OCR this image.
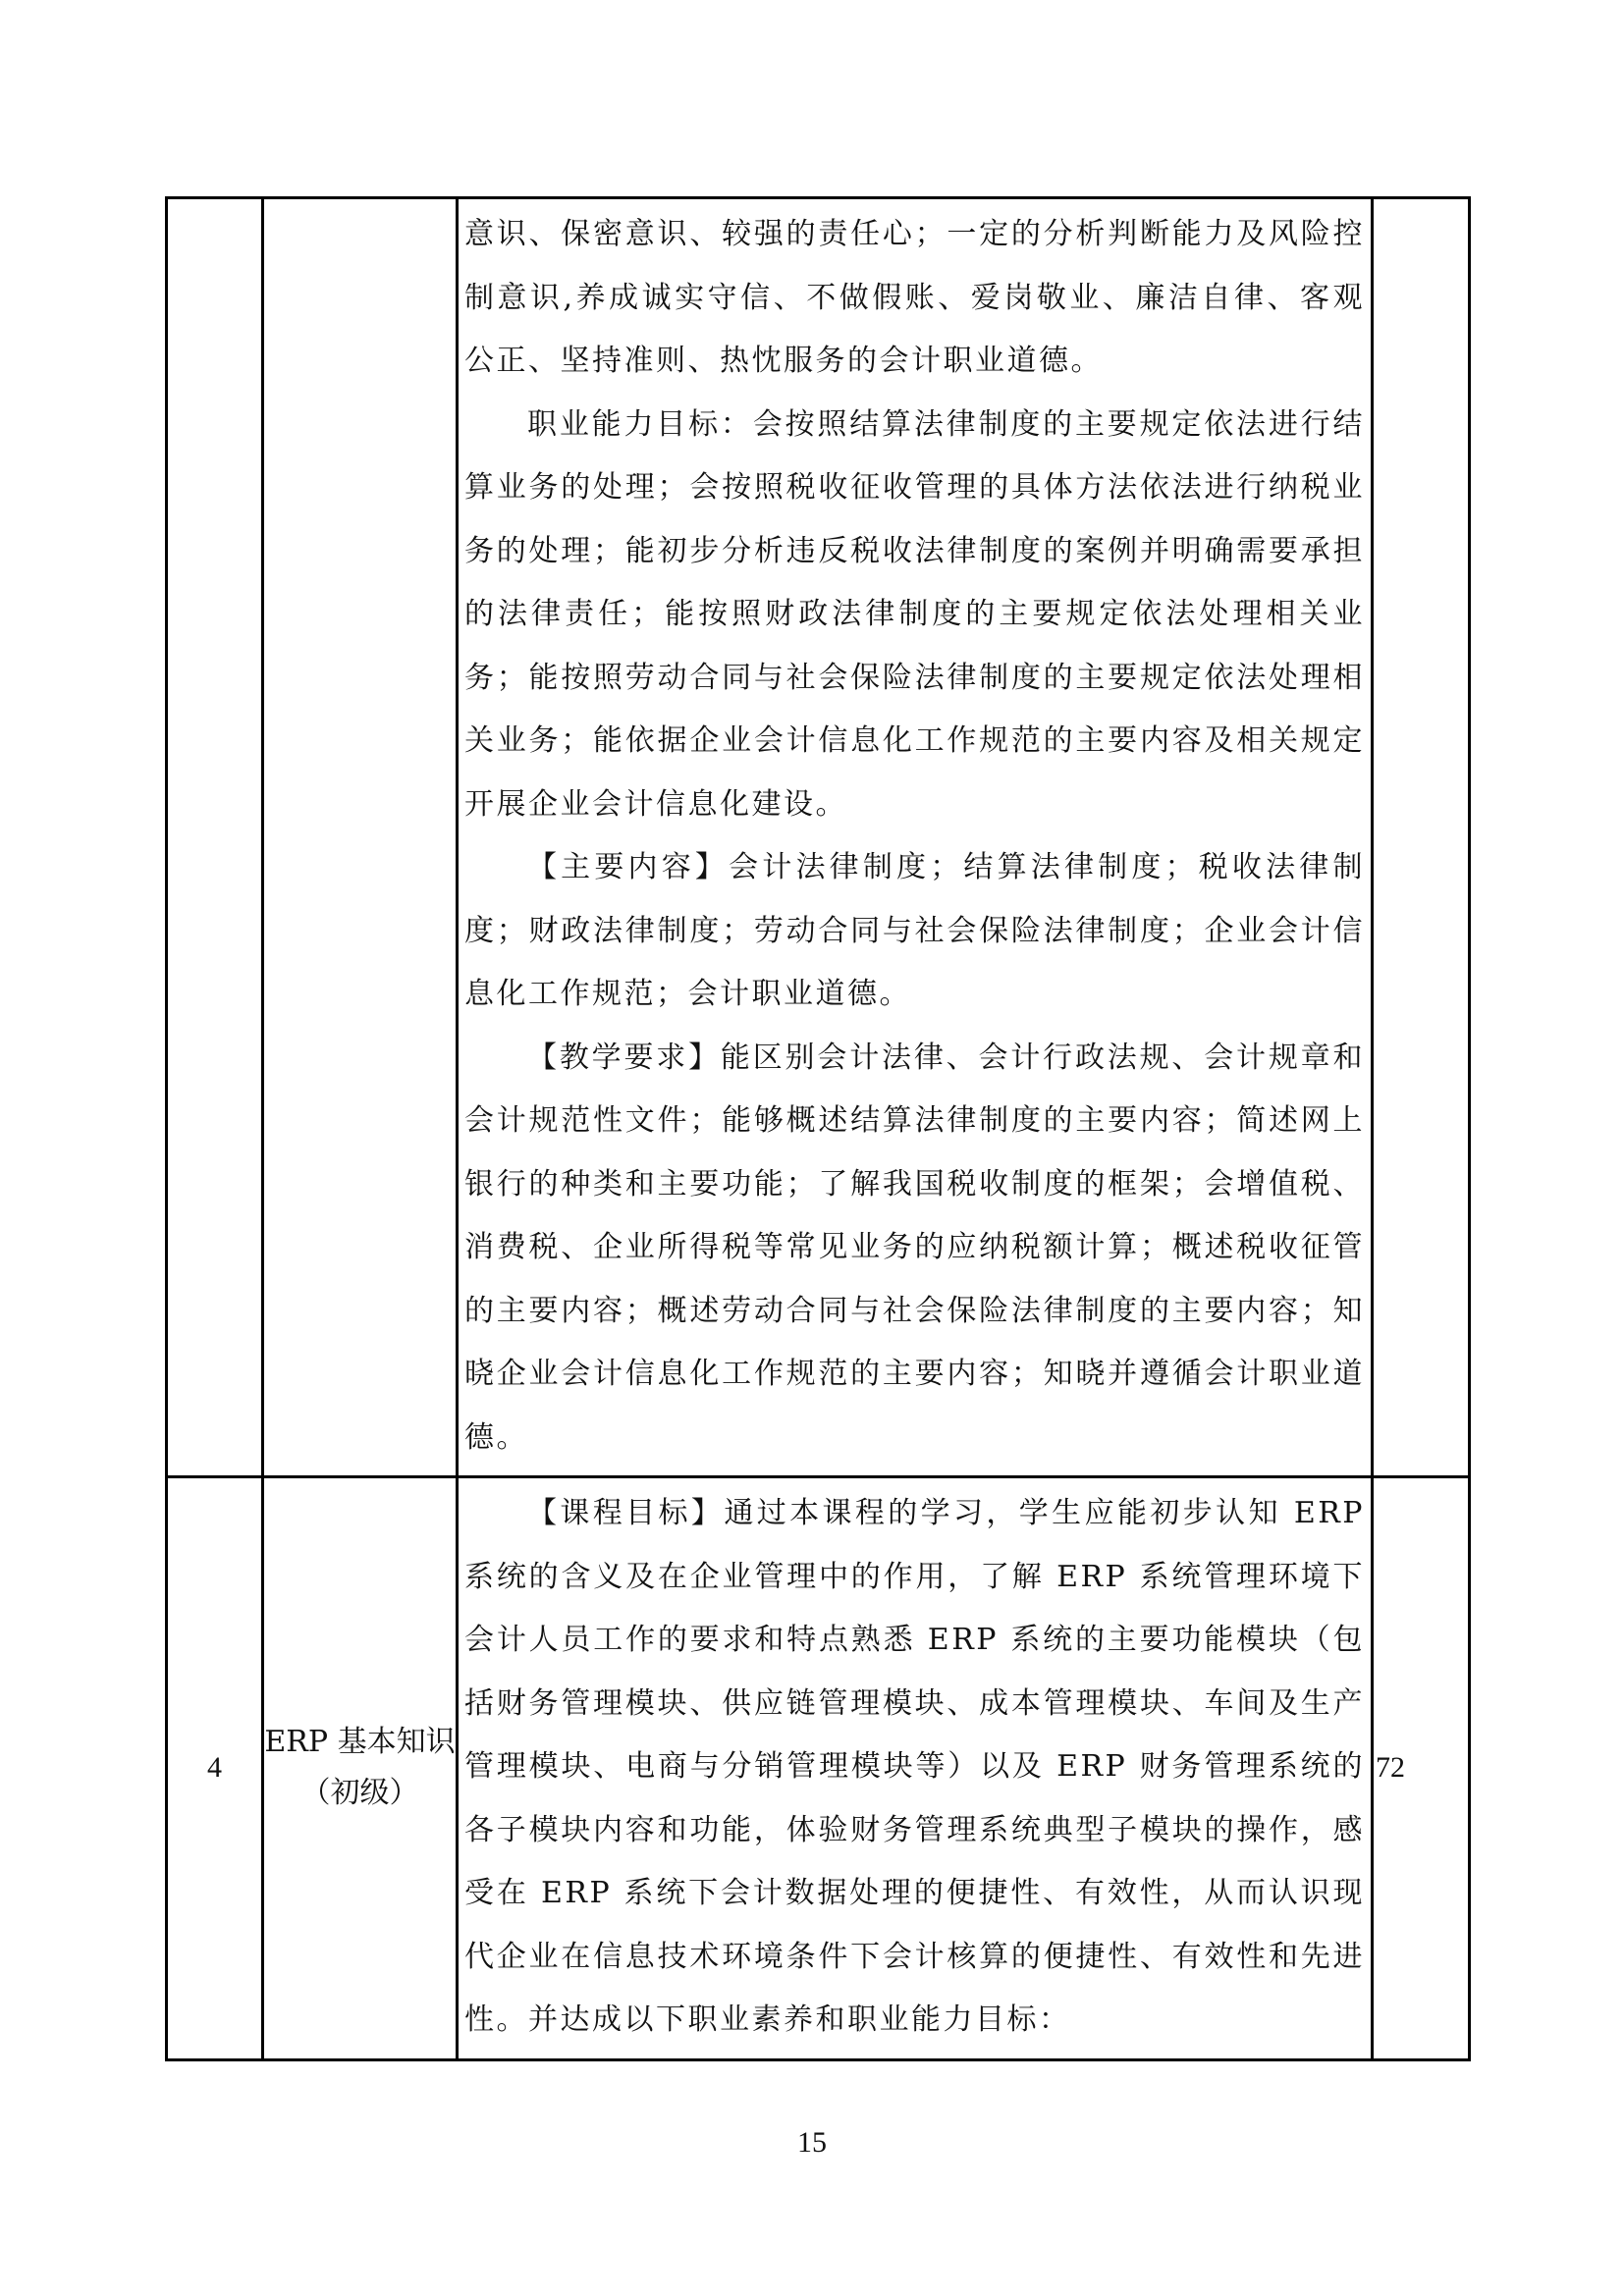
意识、保密意识、较强的责任心；一定的分析判断能力及风险控制意识,养成诚实守信、不做假账、爱岗敬业、廉洁自律、客观公正、坚持准则、热忱服务的会计职业道德。

职业能力目标：会按照结算法律制度的主要规定依法进行结算业务的处理；会按照税收征收管理的具体方法依法进行纳税业务的处理；能初步分析违反税收法律制度的案例并明确需要承担的法律责任；能按照财政法律制度的主要规定依法处理相关业务；能按照劳动合同与社会保险法律制度的主要规定依法处理相关业务；能依据企业会计信息化工作规范的主要内容及相关规定开展企业会计信息化建设。

【主要内容】会计法律制度；结算法律制度；税收法律制度；财政法律制度；劳动合同与社会保险法律制度；企业会计信息化工作规范；会计职业道德。

【教学要求】能区别会计法律、会计行政法规、会计规章和会计规范性文件；能够概述结算法律制度的主要内容；简述网上银行的种类和主要功能；了解我国税收制度的框架；会增值税、消费税、企业所得税等常见业务的应纳税额计算；概述税收征管的主要内容；概述劳动合同与社会保险法律制度的主要内容；知晓企业会计信息化工作规范的主要内容；知晓并遵循会计职业道德。

4
ERP 基本知识
（初级）

【课程目标】通过本课程的学习，学生应能初步认知 ERP 系统的含义及在企业管理中的作用，了解 ERP 系统管理环境下会计人员工作的要求和特点熟悉 ERP 系统的主要功能模块（包括财务管理模块、供应链管理模块、成本管理模块、车间及生产管理模块、电商与分销管理模块等）以及 ERP 财务管理系统的各子模块内容和功能，体验财务管理系统典型子模块的操作，感受在 ERP 系统下会计数据处理的便捷性、有效性，从而认识现代企业在信息技术环境条件下会计核算的便捷性、有效性和先进性。并达成以下职业素养和职业能力目标：

72
15
